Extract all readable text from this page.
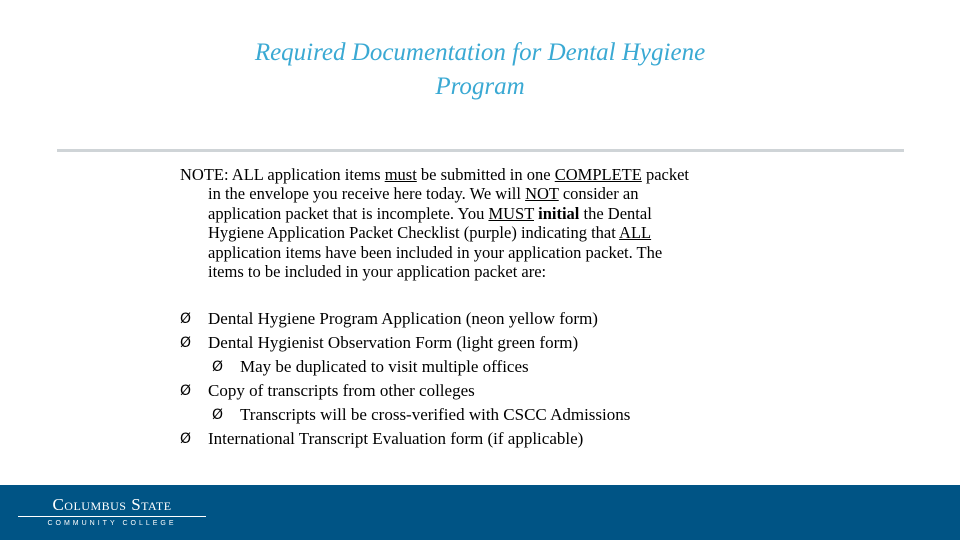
Required Documentation for Dental Hygiene
Program
NOTE: ALL application items must be submitted in one COMPLETE packet
in the envelope you receive here today. We will NOT consider an
application packet that is incomplete. You MUST initial the Dental
Hygiene Application Packet Checklist (purple) indicating that ALL
application items have been included in your application packet. The
items to be included in your application packet are:
Ø Dental Hygiene Program Application (neon yellow form)
Ø Dental Hygienist Observation Form (light green form)
Ø May be duplicated to visit multiple offices
Ø Copy of transcripts from other colleges
Ø Transcripts will be cross-verified with CSCC Admissions
Ø International Transcript Evaluation form (if applicable)
Columbus State
COMMUNITY COLLEGE
